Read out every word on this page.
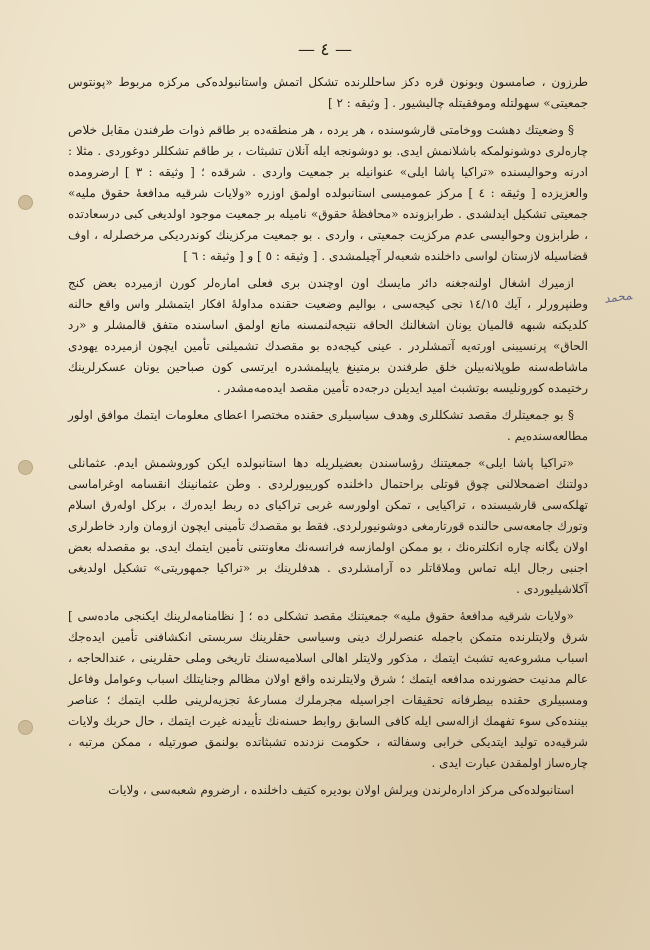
— ٤ —
ﻤﺤﻤﺪ

طرزون ، صامسون وبونون قره دكز ساحللرنده تشكل اتمش واستانبولده‌كى مركزه مربوط «پونتوس جمعيتى» سهولتله وموفقيتله چاليشيور . [ وثيقه : ٢ ]

§ وضعيتك دهشت ووخامتى قارشوسنده ، هر يرده ، هر منطقه‌ده بر طاقم ذوات طرفندن مقابل خلاص چاره‌لرى دوشونولمكه باشلانمش ايدى. بو دوشونجه ايله آنلان تشبثات ، بر طاقم تشكللر دوغوردى . مثلا : ادرنه وحواليسنده «تراكيا پاشا ايلى» عنوانيله بر جمعيت واردى . شرقده ؛ [ وثيقه : ٣ ] ارضرومده والعزيزده [ وثيقه : ٤ ] مركز عموميسى استانبولده اولمق اوزره «ولايات شرقيه مدافعهٔ حقوق مليه» جمعيتى تشكيل ايدلشدى . طرابزونده «محافظهٔ حقوق» ناميله بر جمعيت موجود اولديغى كبى درسعادتده ، طرابزون وحواليسى عدم مركزيت جمعيتى ، واردى . بو جمعيت مركزينك كوندرديكى مرخصلرله ، اوف قضاسيله لازستان لواسى داخلنده شعبه‌لر آچيلمشدى . [ وثيقه : ٥ ] و [ وثيقه : ٦ ]

ازميرك اشغال اولنه‌جغنه دائر مايسك اون اوچندن برى فعلى اماره‌لر كورن ازميرده بعض كنج وطنپرورلر ، آيك ١٤/١٥ نجى كيجه‌سى ، بواليم وضعيت حقنده مداوله‌ٔ افكار ايتمشلر واس واقع حالنه كلديكنه شبهه قالميان يونان اشغالنك الحاقه نتيجه‌لنمسنه مانع اولمق اساسنده متفق قالمشلر و «رد الحاق» پرنسيبنى اورته‌يه آتمشلردر . عينى كيجه‌ده بو مقصدك تشميلنى تأمين ايچون ازميرده يهودى ماشاطه‌سنه طوپلانه‌بيلن خلق طرفندن برمتينغ ياپيلمشدره ايرتسى كون صباحين يونان عسكرلرينك رختيمده كورونليسه بوتشبث اميد ايديلن درجه‌ده تأمين مقصد ايده‌مه‌مشدر .

§ بو جمعيتلرك مقصد تشكللرى وهدف سياسيلرى حقنده مختصرا اعطاى معلومات ايتمك موافق اولور مطالعه‌سنده‌يم .

«تراكيا پاشا ايلى» جمعيتنك رؤساسندن بعضيلريله دها استانبولده ايكن كوروشمش ايدم. عثمانلى دولتنك اضمحلالنى چوق قوتلى براحتمال داخلنده كورييورلردى . وطن عثمانينك انقسامه اوغراماسى تهلكه‌سى قارشيسنده ، تراكيايى ، تمكن اولورسه غربى تراكياى ده ربط ايده‌رك ، بركل اوله‌رق اسلام وتورك جامعه‌سى حالنده قورتارمغى دوشونيورلردى. فقط بو مقصدك تأمينى ايچون ازومان وارد خاطرلرى اولان يگانه چاره انكلتره‌نك ، بو ممكن اولمازسه فرانسه‌نك معاونتنى تأمين ايتمك ايدى. بو مقصدله بعض اجنبى رجال ايله تماس وملاقاتلر ده آرامشلردى . هدفلرينك بر «تراكيا جمهوريتى» تشكيل اولديغى آكلاشيليوردى .

«ولايات شرقيه مدافعهٔ حقوق مليه» جمعيتنك مقصد تشكلى ده ؛ [ نظامنامه‌لرينك ايكنجى ماده‌سى ] شرق ولايتلرنده متمكن باجمله عنصرلرك دينى وسياسى حقلرينك سربستى انكشافنى تأمين ايده‌جك اسباب مشروعه‌يه تشبث ايتمك ، مذكور ولايتلر اهالى اسلاميه‌سنك تاريخى وملى حقلرينى ، عندالحاجه ، عالم مدنيت حضورنده مدافعه ايتمك ؛ شرق ولايتلرنده واقع اولان مظالم وجنايتلك اسباب وعوامل وفاعل ومسبيلرى حقنده بيطرفانه تحقيقات اجراسيله مجرملرك مسارعهٔ تجزيه‌لرينى طلب ايتمك ؛ عناصر بيننده‌كى سوء تفهمك ازاله‌سى ايله كافى السابق روابط حسنه‌نك تأييدنه غيرت ايتمك ، حال حربك ولايات شرقيه‌ده توليد ايتديكى خرابى وسفالته ، حكومت نزدنده تشبثاتده بولنمق صورتيله ، ممكن مرتبه ، چاره‌ساز اولمقدن عبارت ايدى .

استانبولده‌كى مركز اداره‌لرندن ويرلش اولان بوديره كتيف داخلنده ، ارضروم شعبه‌سى ، ولايات
